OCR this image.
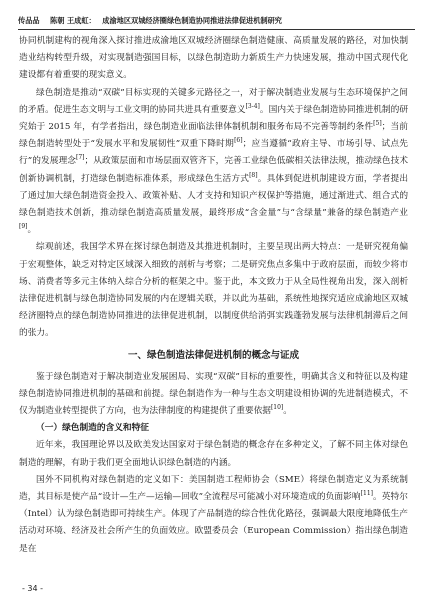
传品品 陈朝 王成虹： 成渝地区双城经济圈绿色制造协同推进法律促进机制研究

协同机制建构的视角深入探讨推进成渝地区双城经济圈绿色制造健康、高质量发展的路径，对加快制造业结构转型升级，对实现制造强国目标，以绿色制造助力新质生产力快速发展，推动中国式现代化建设都有着重要的现实意义。

绿色制造是推动“双碳”目标实现的关键多元路径之一，对于解决制造业发展与生态环境保护之间的矛盾。促进生态文明与工业文明的协同共进具有重要意义[3-4]。国内关于绿色制造协同推进机制的研究始于 2015 年，有学者指出，绿色制造业面临法律体制机制和服务布局不完善等制约条件[5]；当前绿色制造转型处于“发展水平和发展韧性”双重下降时期[6]；应当遵循“政府主导、市场引导、试点先行”的发展理念[7]；从政策层面和市场层面双管齐下，完善工业绿色低碳相关法律法规，推动绿色技术创新协调机制，打造绿色制造标准体系，形成绿色生活方式[8]。具体到促进机制建设方面，学者提出了通过加大绿色制造资金投入、政策补贴、人才支持和知识产权保护等措施，通过渐进式、组合式的绿色制造技术创新，推动绿色制造高质量发展，最终形成“含金量”与“含绿量”兼备的绿色制造产业[9]。

综观前述，我国学术界在探讨绿色制造及其推进机制时，主要呈现出两大特点：一是研究视角偏于宏观整体，缺乏对特定区域深入细致的剖析与考察；二是研究焦点多集中于政府层面，而较少将市场、消费者等多元主体纳入综合分析的框架之中。鉴于此，本文致力于从全局性视角出发，深入剖析法律促进机制与绿色制造协同发展的内在逻辑关联，并以此为基础，系统性地探究适应成渝地区双城经济圈特点的绿色制造协同推进的法律促进机制，以制度供给消弭实践蓬勃发展与法律机制滞后之间的张力。

一、绿色制造法律促进机制的概念与证成

鉴于绿色制造对于解决制造业发展困局、实现“双碳”目标的重要性，明确其含义和特征以及构建绿色制造协同推进机制的基础和前提。绿色制造作为一种与生态文明建设相协调的先进制造模式，不仅为制造业转型提供了方向，也为法律制度的构建提供了重要依据[10]。

（一）绿色制造的含义和特征

近年来，我国理论界以及欧美发达国家对于绿色制造的概念存在多种定义，了解不同主体对绿色制造的理解，有助于我们更全面地认识绿色制造的内涵。

国外不同机构对绿色制造的定义如下：美国制造工程师协会（SME）将绿色制造定义为系统制造，其目标是使产品“设计—生产—运输—回收”全流程尽可能减小对环境造成的负面影响[11]。英特尔（Intel）认为绿色制造即可持续生产。体现了产品制造的综合性优化路径，强调最大限度地降低生产活动对环境、经济及社会所产生的负面效应。欧盟委员会（European Commission）指出绿色制造是在

- 34 -
